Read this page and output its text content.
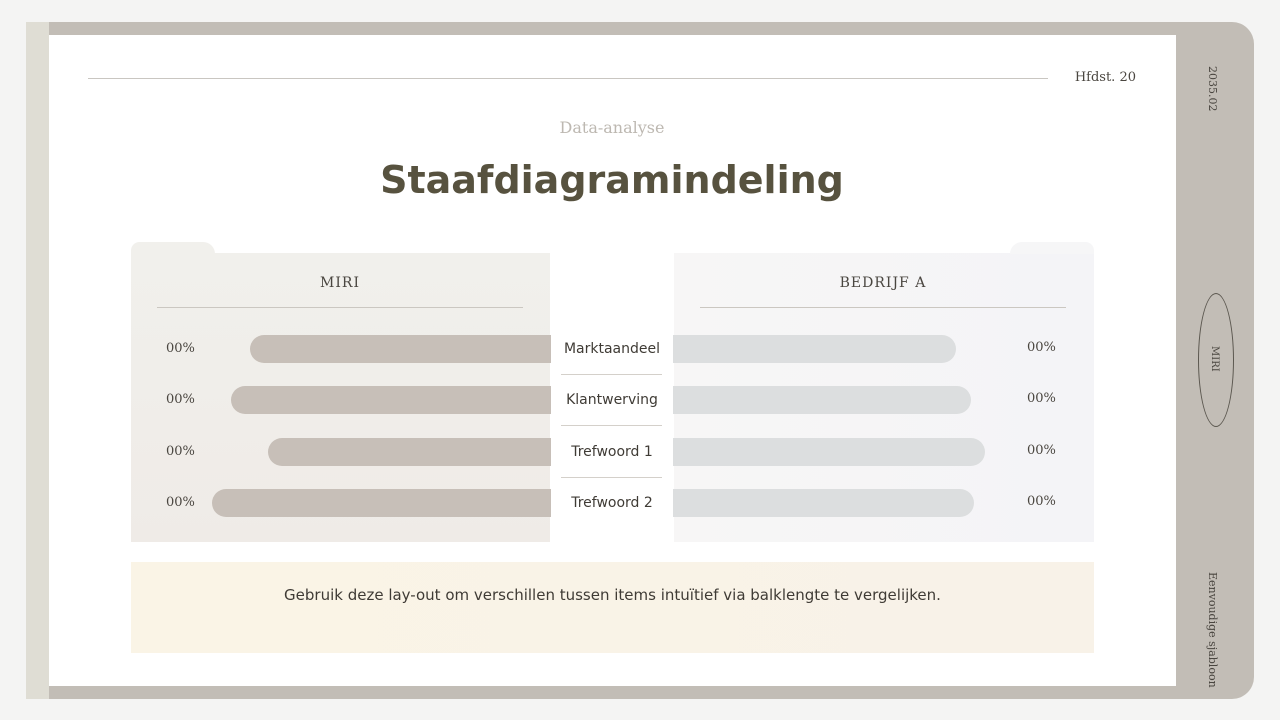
Hfdst. 20	2035.02
MIRI
Eenvoudige sjabloon
Data-analyse
Staafdiagramindeling
MIRI	BEDRIJF A
00%	00%
Marktaandeel
00%	00%
Klantwerving
00%	00%
Trefwoord 1
00%	00%
Trefwoord 2
Gebruik deze lay-out om verschillen tussen items intuïtief via balklengte te vergelijken.
